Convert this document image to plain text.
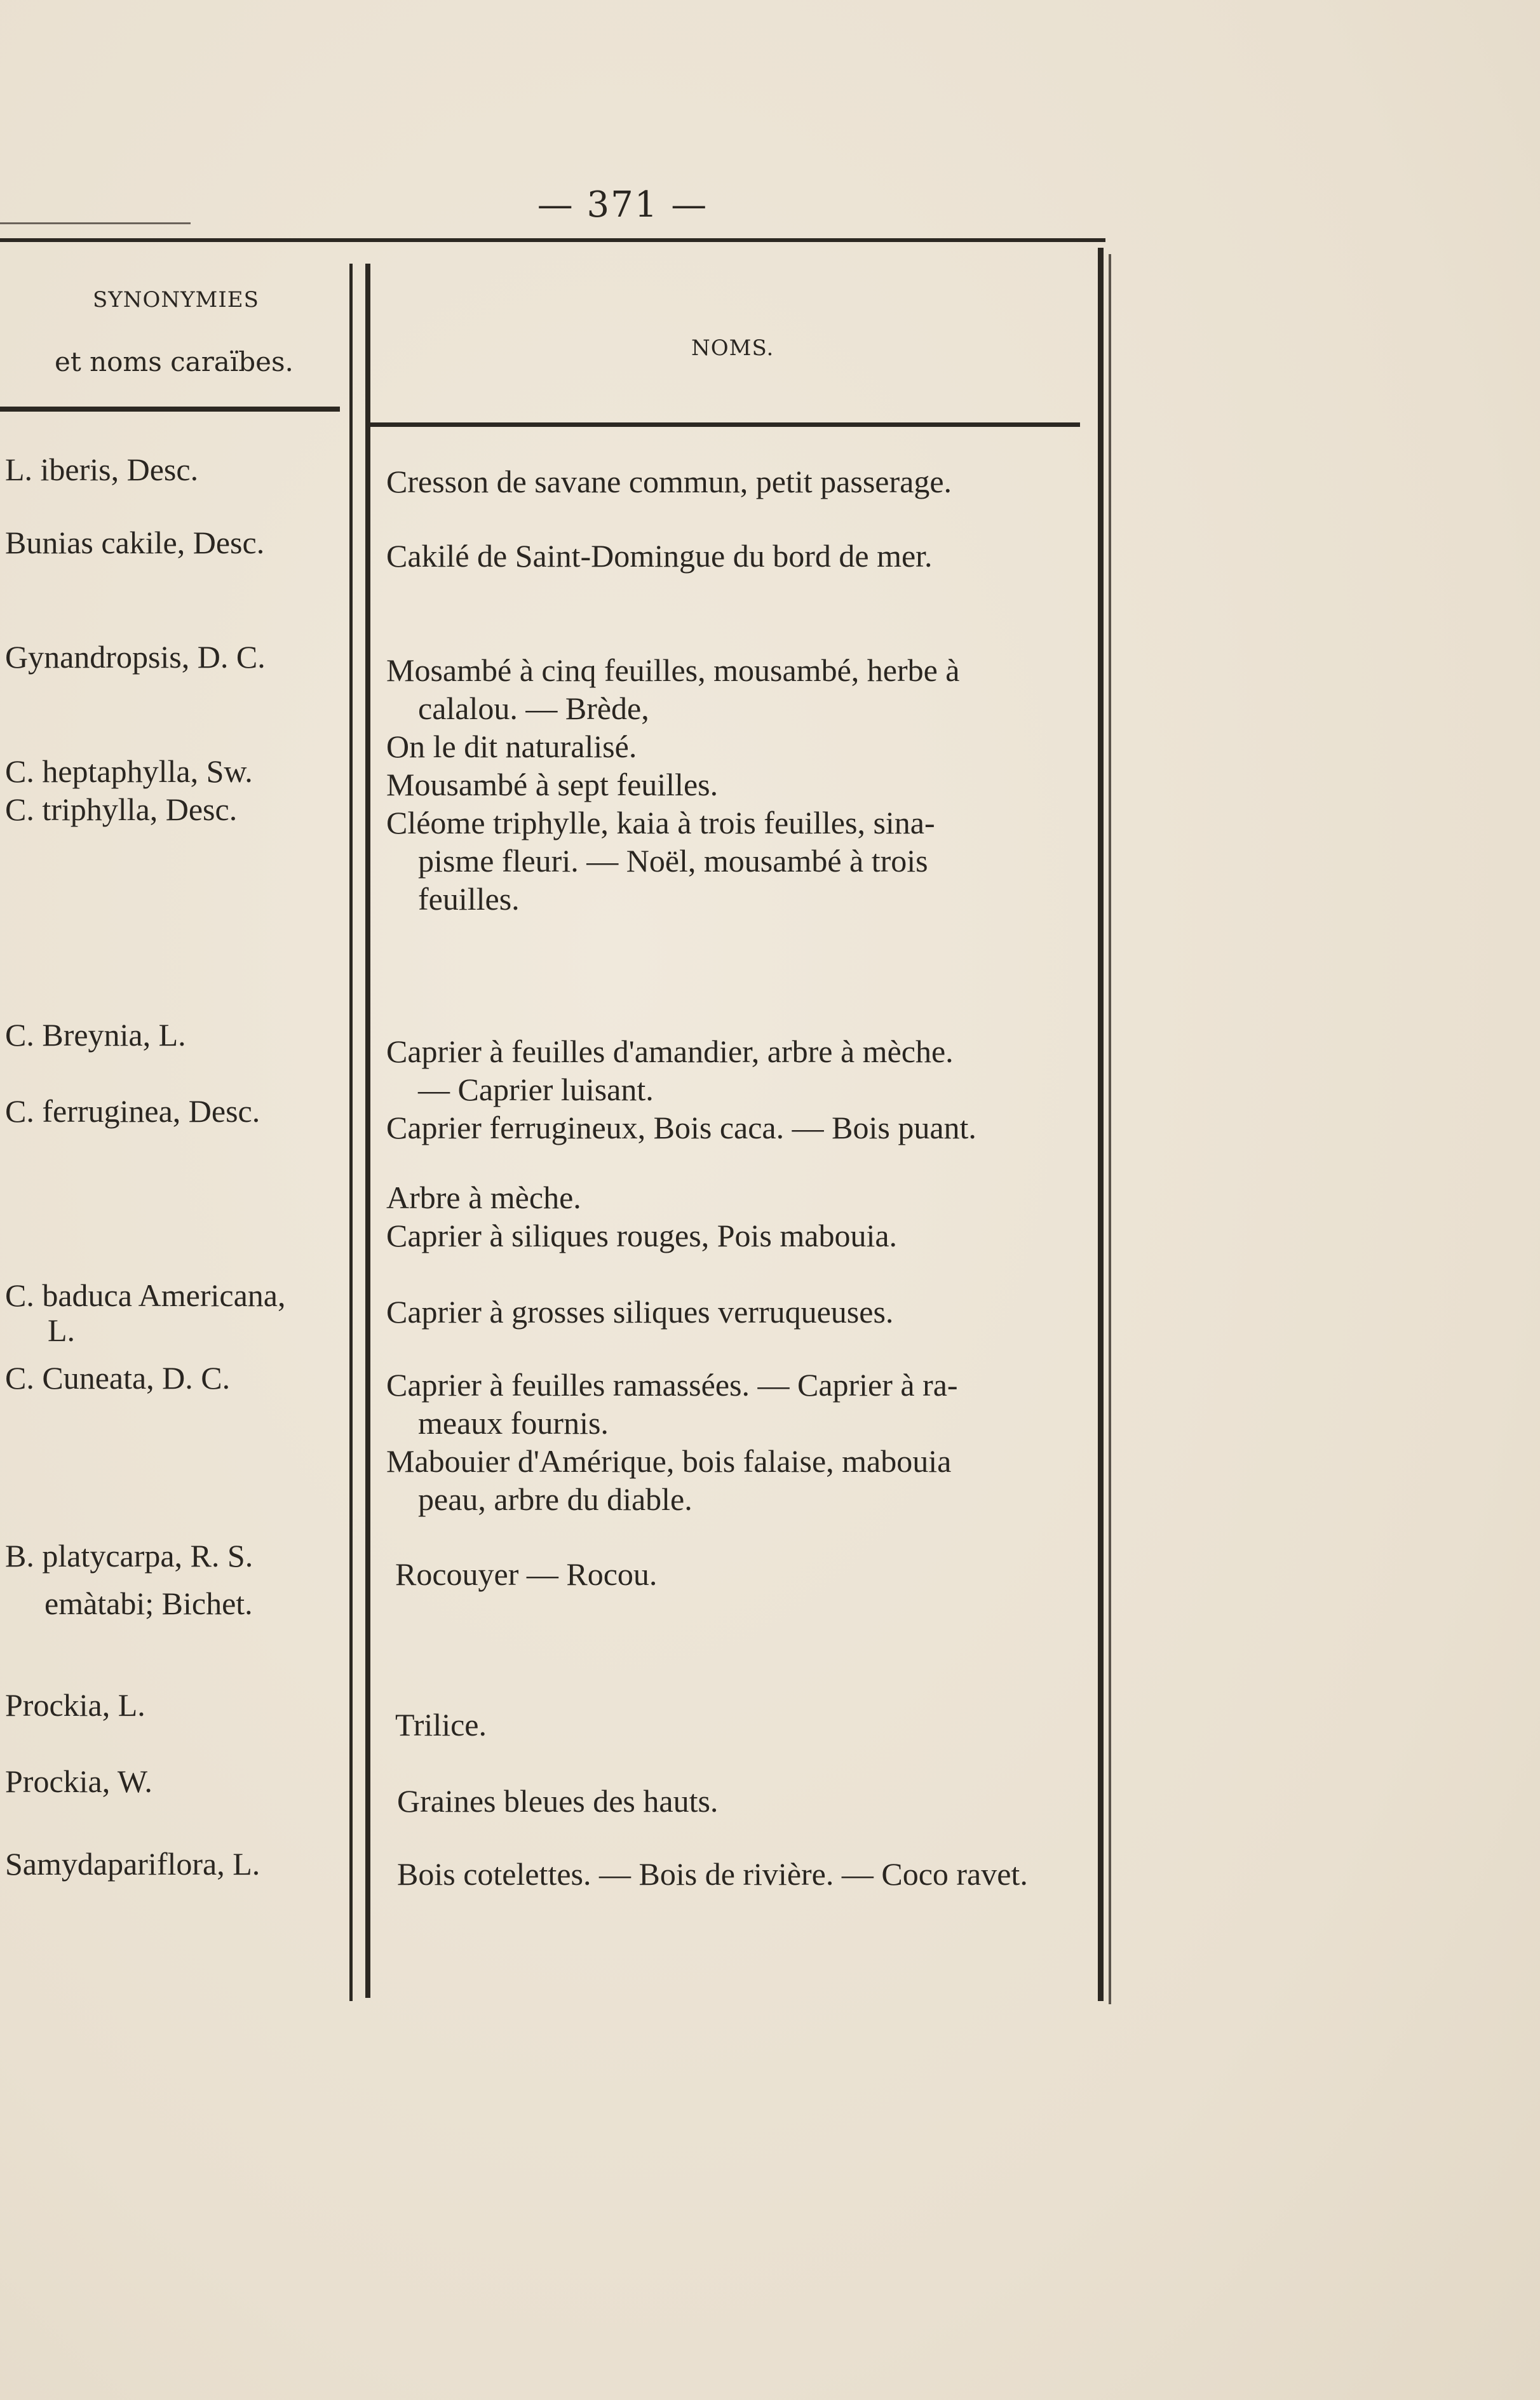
— 371 —
SYNONYMIES
et noms caraïbes.	NOMS.
L. iberis, Desc.
Bunias cakile, Desc.
Gynandropsis, D. C.
C. heptaphylla, Sw.
C. triphylla, Desc.
C. Breynia, L.
C. ferruginea, Desc.
C. baduca Americana,
L.
C. Cuneata, D. C.
B. platycarpa, R. S.
emàtabi; Bichet.
Prockia, L.
Prockia, W.
Samydapariflora, L.
Cresson de savane commun, petit passerage.
Cakilé de Saint-Domingue du bord de mer.
Mosambé à cinq feuilles, mousambé, herbe à
calalou. — Brède,
On le dit naturalisé.
Mousambé à sept feuilles.
Cléome triphylle, kaia à trois feuilles, sina-
pisme fleuri. — Noël, mousambé à trois
feuilles.
Caprier à feuilles d'amandier, arbre à mèche.
— Caprier luisant.
Caprier ferrugineux, Bois caca. — Bois puant.
Arbre à mèche.
Caprier à siliques rouges, Pois mabouia.
Caprier à grosses siliques verruqueuses.
Caprier à feuilles ramassées. — Caprier à ra-
meaux fournis.
Mabouier d'Amérique, bois falaise, mabouia
peau, arbre du diable.
Rocouyer — Rocou.
Trilice.
Graines bleues des hauts.
Bois cotelettes. — Bois de rivière. — Coco ravet.
